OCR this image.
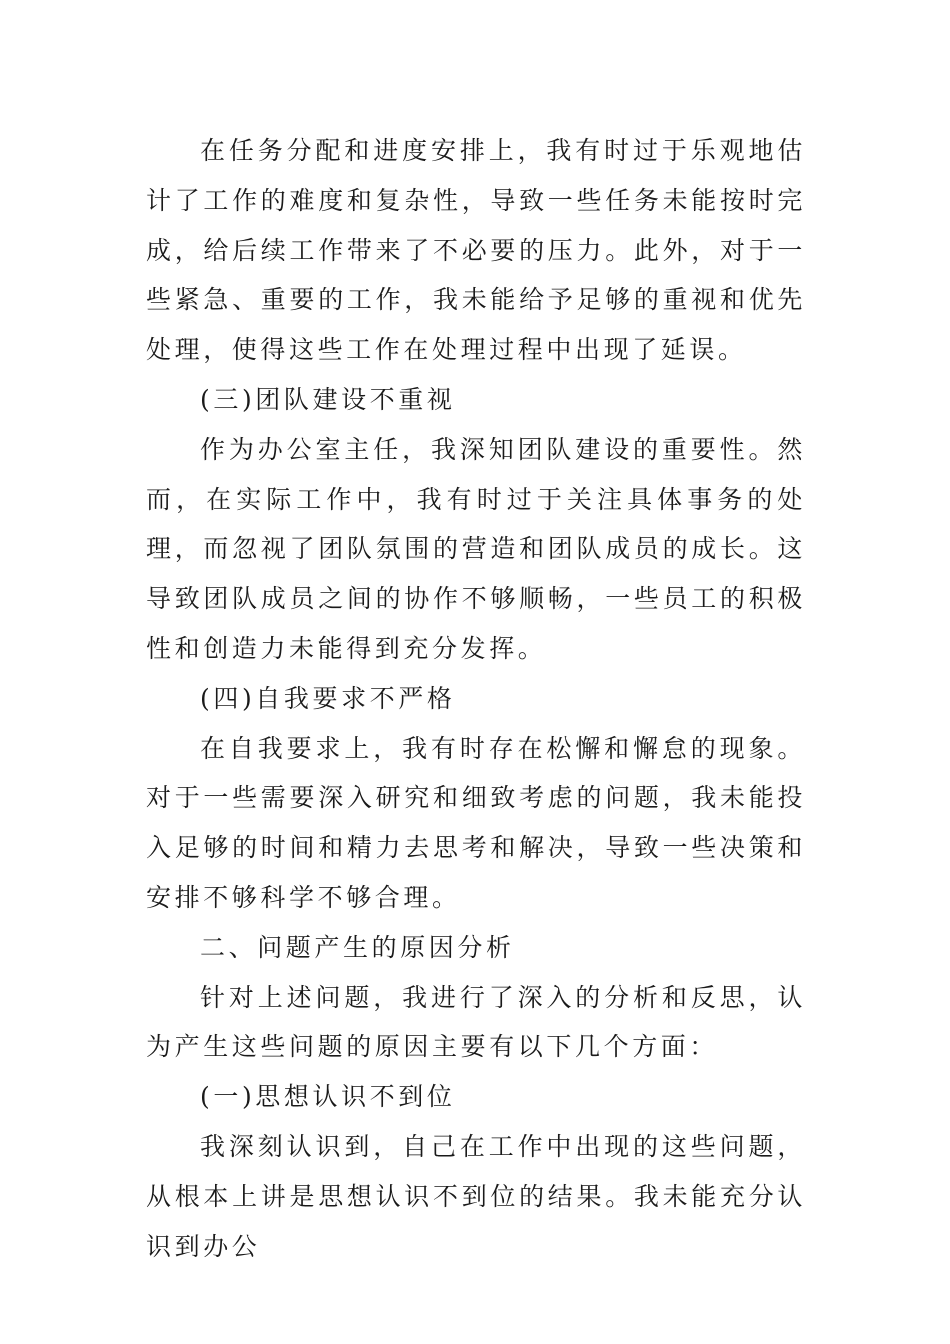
在任务分配和进度安排上，我有时过于乐观地估计了工作的难度和复杂性，导致一些任务未能按时完成，给后续工作带来了不必要的压力。此外，对于一些紧急、重要的工作，我未能给予足够的重视和优先处理，使得这些工作在处理过程中出现了延误。

(三)团队建设不重视

作为办公室主任，我深知团队建设的重要性。然而，在实际工作中，我有时过于关注具体事务的处理，而忽视了团队氛围的营造和团队成员的成长。这导致团队成员之间的协作不够顺畅，一些员工的积极性和创造力未能得到充分发挥。

(四)自我要求不严格

在自我要求上，我有时存在松懈和懈怠的现象。对于一些需要深入研究和细致考虑的问题，我未能投入足够的时间和精力去思考和解决，导致一些决策和安排不够科学不够合理。

二、问题产生的原因分析

针对上述问题，我进行了深入的分析和反思，认为产生这些问题的原因主要有以下几个方面：

(一)思想认识不到位

我深刻认识到，自己在工作中出现的这些问题，从根本上讲是思想认识不到位的结果。我未能充分认识到办公
